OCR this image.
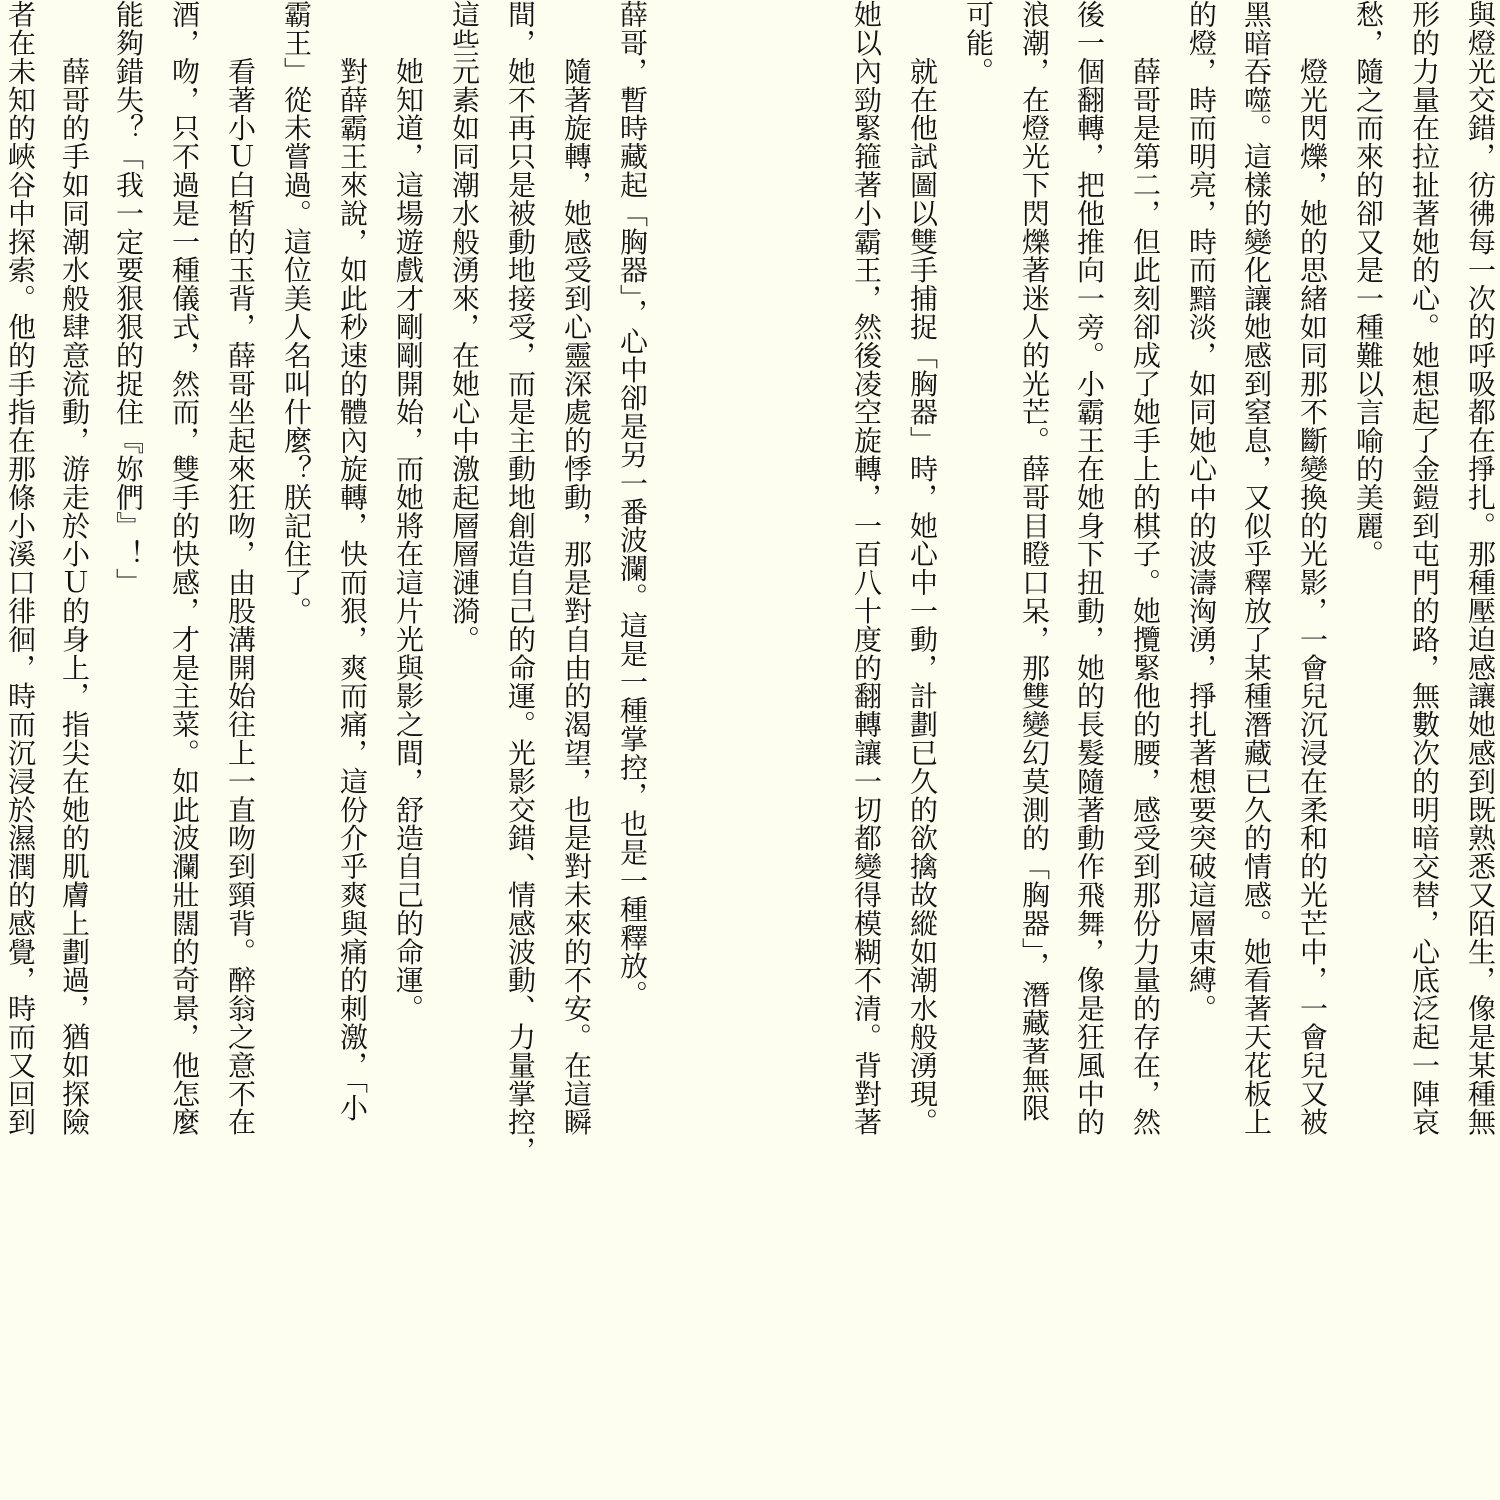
與燈光交錯，彷彿每一次的呼吸都在掙扎。那種壓迫感讓她感到既熟悉又陌生，像是某種無
形的力量在拉扯著她的心。她想起了金鎧到屯門的路，無數次的明暗交替，心底泛起一陣哀
愁，隨之而來的卻又是一種難以言喻的美麗。
　　燈光閃爍，她的思緒如同那不斷變換的光影，一會兒沉浸在柔和的光芒中，一會兒又被
黑暗吞噬。這樣的變化讓她感到窒息，又似乎釋放了某種潛藏已久的情感。她看著天花板上
的燈，時而明亮，時而黯淡，如同她心中的波濤洶湧，掙扎著想要突破這層束縛。
　　薛哥是第二，但此刻卻成了她手上的棋子。她攬緊他的腰，感受到那份力量的存在，然
後一個翻轉，把他推向一旁。小霸王在她身下扭動，她的長髮隨著動作飛舞，像是狂風中的
浪潮，在燈光下閃爍著迷人的光芒。薛哥目瞪口呆，那雙變幻莫測的「胸器」，潛藏著無限
可能。
　　就在他試圖以雙手捕捉「胸器」時，她心中一動，計劃已久的欲擒故縱如潮水般湧現。
她以內勁緊箍著小霸王，然後凌空旋轉，一百八十度的翻轉讓一切都變得模糊不清。背對著
薛哥，暫時藏起「胸器」，心中卻是另一番波瀾。這是一種掌控，也是一種釋放。
　　隨著旋轉，她感受到心靈深處的悸動，那是對自由的渴望，也是對未來的不安。在這瞬
間，她不再只是被動地接受，而是主動地創造自己的命運。光影交錯、情感波動、力量掌控，
這些元素如同潮水般湧來，在她心中激起層層漣漪。
　　她知道，這場遊戲才剛剛開始，而她將在這片光與影之間，舒造自己的命運。
　　對薛霸王來說，如此秒速的體內旋轉，快而狠，爽而痛，這份介乎爽與痛的刺激，「小
霸王」從未嘗過。這位美人名叫什麼？朕記住了。
　　看著小Ｕ白皙的玉背，薛哥坐起來狂吻，由股溝開始往上一直吻到頸背。醉翁之意不在
酒，吻，只不過是一種儀式，然而，雙手的快感，才是主菜。如此波瀾壯闊的奇景，他怎麼
能夠錯失？「我一定要狠狠的捉住『妳們』！」
　　薛哥的手如同潮水般肆意流動，游走於小Ｕ的身上，指尖在她的肌膚上劃過，猶如探險
者在未知的峽谷中探索。他的手指在那條小溪口徘徊，時而沉浸於濕潤的感覺，時而又回到
